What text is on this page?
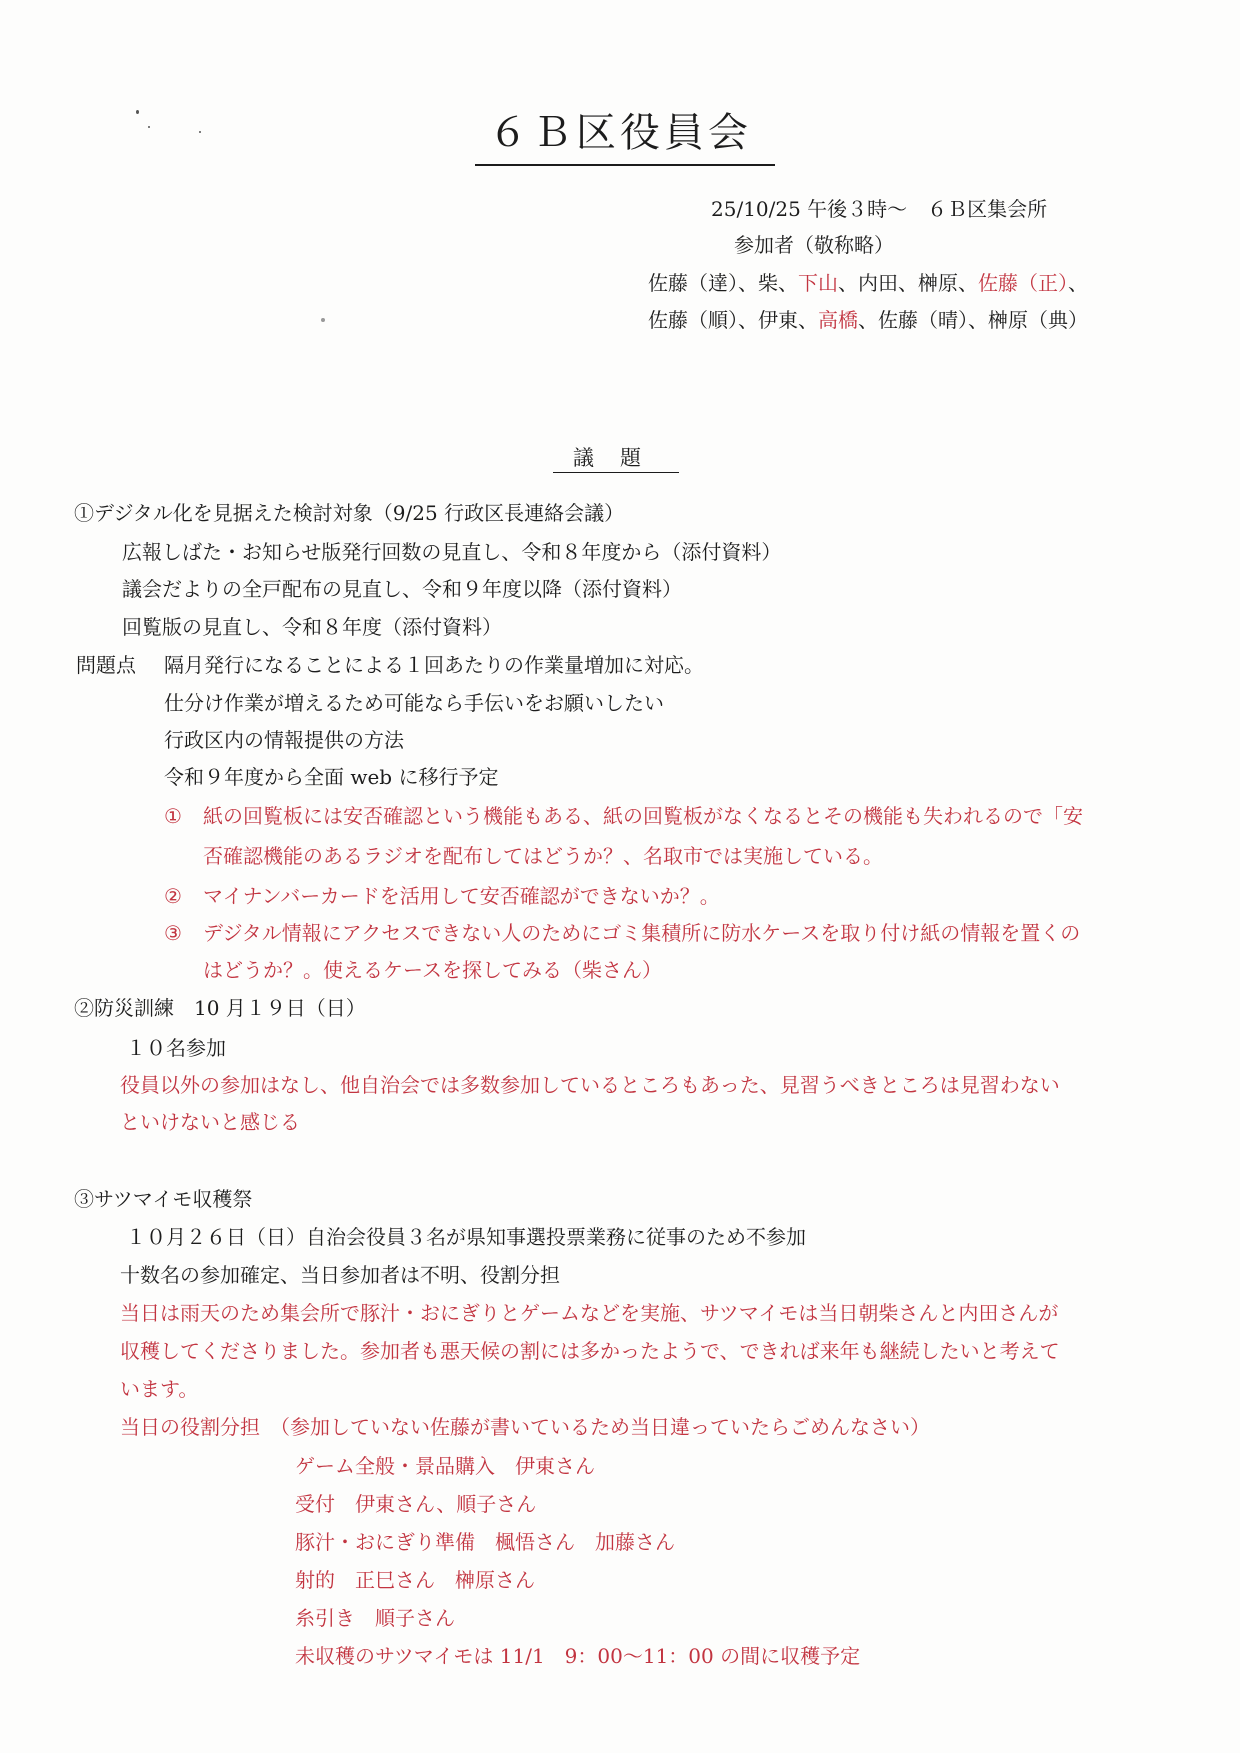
６Ｂ区役員会
25/10/25 午後３時～　６Ｂ区集会所
参加者（敬称略）
佐藤（達）、柴、下山、内田、榊原、佐藤（正）、
佐藤（順）、伊東、高橋、佐藤（晴）、榊原（典）
議題
①デジタル化を見据えた検討対象（9/25 行政区長連絡会議）
広報しばた・お知らせ版発行回数の見直し、令和８年度から（添付資料）
議会だよりの全戸配布の見直し、令和９年度以降（添付資料）
回覧版の見直し、令和８年度（添付資料）
問題点 隔月発行になることによる１回あたりの作業量増加に対応。
仕分け作業が増えるため可能なら手伝いをお願いしたい
行政区内の情報提供の方法
令和９年度から全面 web に移行予定
① 紙の回覧板には安否確認という機能もある、紙の回覧板がなくなるとその機能も失われるので「安
否確認機能のあるラジオを配布してはどうか？、名取市では実施している。
② マイナンバーカードを活用して安否確認ができないか？。
③ デジタル情報にアクセスできない人のためにゴミ集積所に防水ケースを取り付け紙の情報を置くの
はどうか？。使えるケースを探してみる（柴さん）
②防災訓練　10 月１９日（日）
１０名参加
役員以外の参加はなし、他自治会では多数参加しているところもあった、見習うべきところは見習わない
といけないと感じる
③サツマイモ収穫祭
１０月２６日（日）自治会役員３名が県知事選投票業務に従事のため不参加
十数名の参加確定、当日参加者は不明、役割分担
当日は雨天のため集会所で豚汁・おにぎりとゲームなどを実施、サツマイモは当日朝柴さんと内田さんが
収穫してくださりました。参加者も悪天候の割には多かったようで、できれば来年も継続したいと考えて
います。
当日の役割分担　（参加していない佐藤が書いているため当日違っていたらごめんなさい）
ゲーム全般・景品購入　伊東さん
受付　伊東さん、順子さん
豚汁・おにぎり準備　楓悟さん　加藤さん
射的　正巳さん　榊原さん
糸引き　順子さん
未収穫のサツマイモは 11/1　9：00～11：00 の間に収穫予定
